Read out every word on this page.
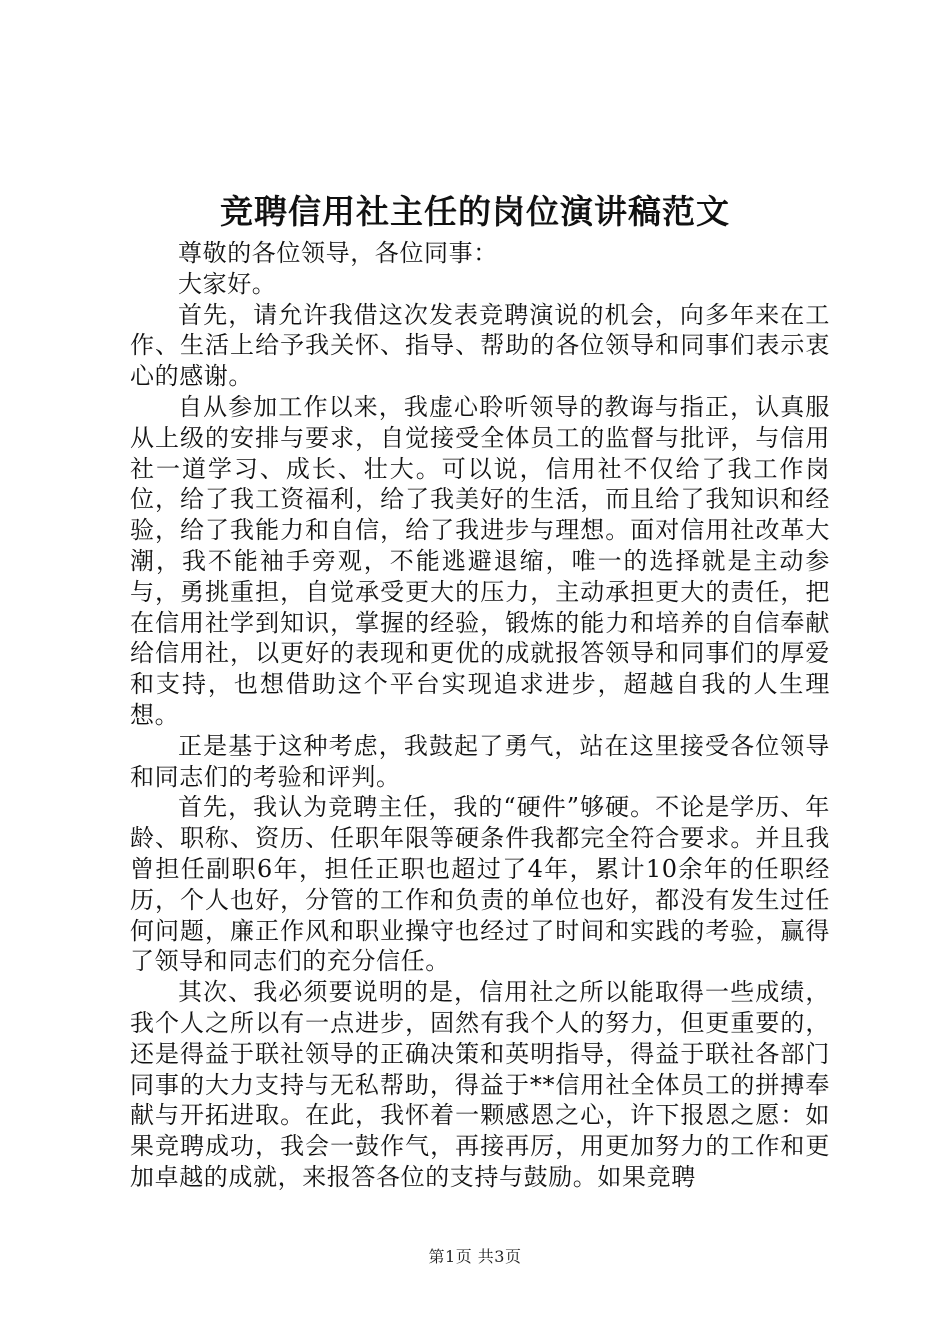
竞聘信用社主任的岗位演讲稿范文

尊敬的各位领导，各位同事：

大家好。

首先，请允许我借这次发表竞聘演说的机会，向多年来在工作、生活上给予我关怀、指导、帮助的各位领导和同事们表示衷心的感谢。

自从参加工作以来，我虚心聆听领导的教诲与指正，认真服从上级的安排与要求，自觉接受全体员工的监督与批评，与信用社一道学习、成长、壮大。可以说，信用社不仅给了我工作岗位，给了我工资福利，给了我美好的生活，而且给了我知识和经验，给了我能力和自信，给了我进步与理想。面对信用社改革大潮，我不能袖手旁观，不能逃避退缩，唯一的选择就是主动参与，勇挑重担，自觉承受更大的压力，主动承担更大的责任，把在信用社学到知识，掌握的经验，锻炼的能力和培养的自信奉献给信用社，以更好的表现和更优的成就报答领导和同事们的厚爱和支持，也想借助这个平台实现追求进步，超越自我的人生理想。

正是基于这种考虑，我鼓起了勇气，站在这里接受各位领导和同志们的考验和评判。

首先，我认为竞聘主任，我的“硬件”够硬。不论是学历、年龄、职称、资历、任职年限等硬条件我都完全符合要求。并且我曾担任副职6年，担任正职也超过了4年，累计10余年的任职经历，个人也好，分管的工作和负责的单位也好，都没有发生过任何问题，廉正作风和职业操守也经过了时间和实践的考验，赢得了领导和同志们的充分信任。

其次、我必须要说明的是，信用社之所以能取得一些成绩，我个人之所以有一点进步，固然有我个人的努力，但更重要的，还是得益于联社领导的正确决策和英明指导，得益于联社各部门同事的大力支持与无私帮助，得益于**信用社全体员工的拼搏奉献与开拓进取。在此，我怀着一颗感恩之心，许下报恩之愿：如果竞聘成功，我会一鼓作气，再接再厉，用更加努力的工作和更加卓越的成就，来报答各位的支持与鼓励。如果竞聘

第1页 共3页
